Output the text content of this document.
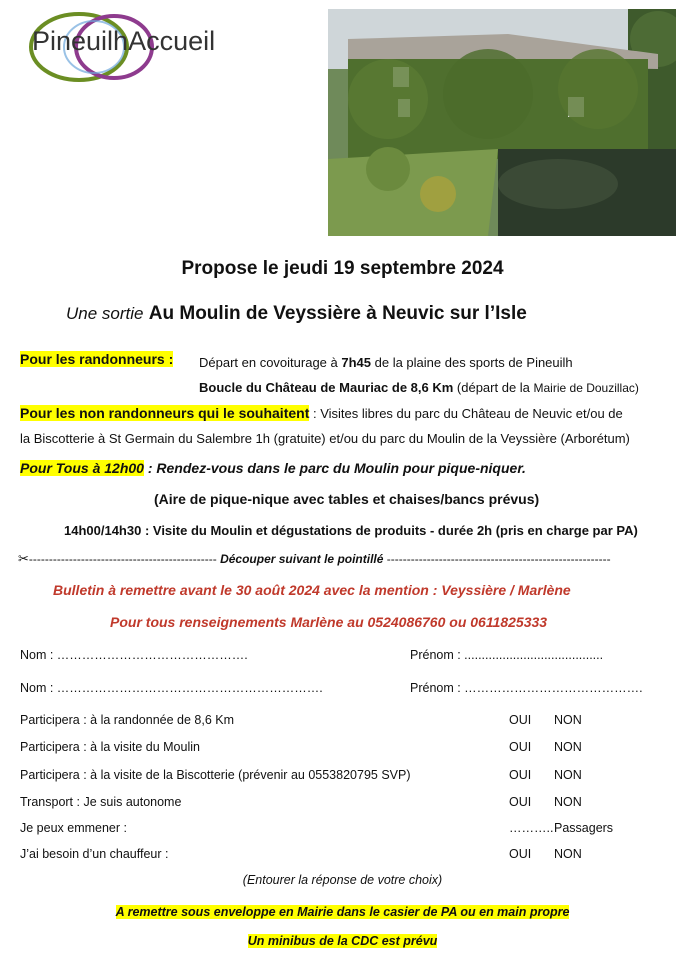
PineuilhAccueil
Propose le jeudi 19 septembre 2024
Une sortie Au Moulin de Veyssière à Neuvic sur l’Isle
Pour les randonneurs : Départ en covoiturage à 7h45 de la plaine des sports de Pineuilh
Boucle du Château de Mauriac de 8,6 Km (départ de la Mairie de Douzillac)
Pour les non randonneurs qui le souhaitent : Visites libres du parc du Château de Neuvic et/ou de
la Biscotterie à St Germain du Salembre 1h (gratuite) et/ou du parc du Moulin de la Veyssière (Arborétum)
Pour Tous à 12h00 : Rendez-vous dans le parc du Moulin pour pique-niquer.
(Aire de pique-nique avec tables et chaises/bancs prévus)
14h00/14h30 : Visite du Moulin et dégustations de produits - durée 2h (pris en charge par PA)
✂----------------------------------------------- Découper suivant le pointillé --------------------------------------------------------
Bulletin à remettre avant le 30 août 2024 avec la mention : Veyssière / Marlène
Pour tous renseignements Marlène au 0524086760 ou 0611825333
Nom : ……………………………………….	Prénom : ........................................
Nom : ……………………………………………………….	Prénom : …………………………………….
Participera : à la randonnée de 8,6 Km	OUI NON
Participera : à la visite du Moulin	OUI NON
Participera : à la visite de la Biscotterie (prévenir au 0553820795 SVP)	OUI NON
Transport : Je suis autonome	OUI NON
Je peux emmener :	……….. Passagers
J’ai besoin d’un chauffeur :	OUI NON
(Entourer la réponse de votre choix)
A remettre sous enveloppe en Mairie dans le casier de PA ou en main propre
Un minibus de la CDC est prévu
